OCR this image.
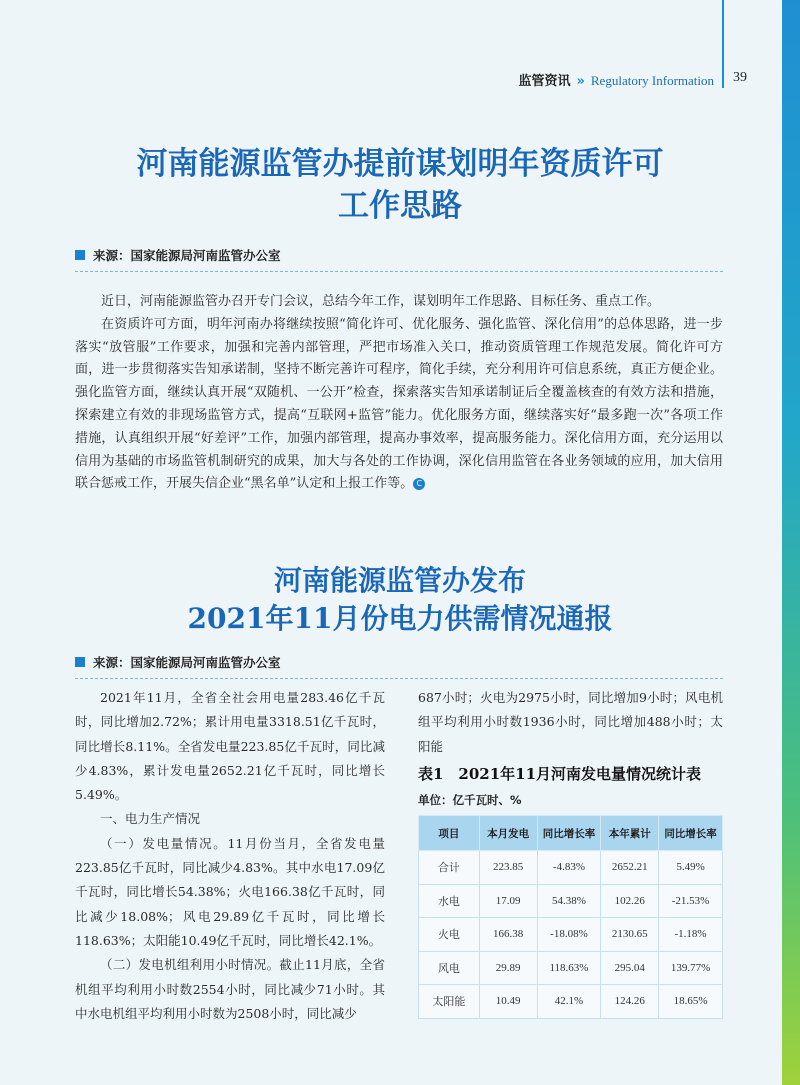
监管资讯 » Regulatory Information 39
河南能源监管办提前谋划明年资质许可
工作思路
来源：国家能源局河南监管办公室

近日，河南能源监管办召开专门会议，总结今年工作，谋划明年工作思路、目标任务、重点工作。

在资质许可方面，明年河南办将继续按照“简化许可、优化服务、强化监管、深化信用”的总体思路，进一步落实“放管服”工作要求，加强和完善内部管理，严把市场准入关口，推动资质管理工作规范发展。简化许可方面，进一步贯彻落实告知承诺制，坚持不断完善许可程序，简化手续，充分利用许可信息系统，真正方便企业。强化监管方面，继续认真开展“双随机、一公开”检查，探索落实告知承诺制证后全覆盖核查的有效方法和措施，探索建立有效的非现场监管方式，提高“互联网+监管”能力。优化服务方面，继续落实好“最多跑一次”各项工作措施，认真组织开展“好差评”工作，加强内部管理，提高办事效率，提高服务能力。深化信用方面，充分运用以信用为基础的市场监管机制研究的成果，加大与各处的工作协调，深化信用监管在各业务领域的应用，加大信用联合惩戒工作，开展失信企业“黑名单”认定和上报工作等。 C

河南能源监管办发布
2021年11月份电力供需情况通报
来源：国家能源局河南监管办公室

2021年11月，全省全社会用电量283.46亿千瓦时，同比增加2.72%；累计用电量3318.51亿千瓦时，同比增长8.11%。全省发电量223.85亿千瓦时，同比减少4.83%，累计发电量2652.21亿千瓦时，同比增长5.49%。

一、电力生产情况

（一）发电量情况。11月份当月，全省发电量223.85亿千瓦时，同比减少4.83%。其中水电17.09亿千瓦时，同比增长54.38%；火电166.38亿千瓦时，同比减少18.08%；风电29.89亿千瓦时，同比增长118.63%；太阳能10.49亿千瓦时，同比增长42.1%。

（二）发电机组利用小时情况。截止11月底，全省机组平均利用小时数2554小时，同比减少71小时。其中水电机组平均利用小时数为2508小时，同比减少

687小时；火电为2975小时，同比增加9小时；风电机组平均利用小时数1936小时，同比增加488小时；太阳能
表1　2021年11月河南发电量情况统计表
单位：亿千瓦时、%
项目	本月发电	同比增长率	本年累计	同比增长率
合计	223.85	-4.83%	2652.21	5.49%
水电	17.09	54.38%	102.26	-21.53%
火电	166.38	-18.08%	2130.65	-1.18%
风电	29.89	118.63%	295.04	139.77%
太阳能	10.49	42.1%	124.26	18.65%
